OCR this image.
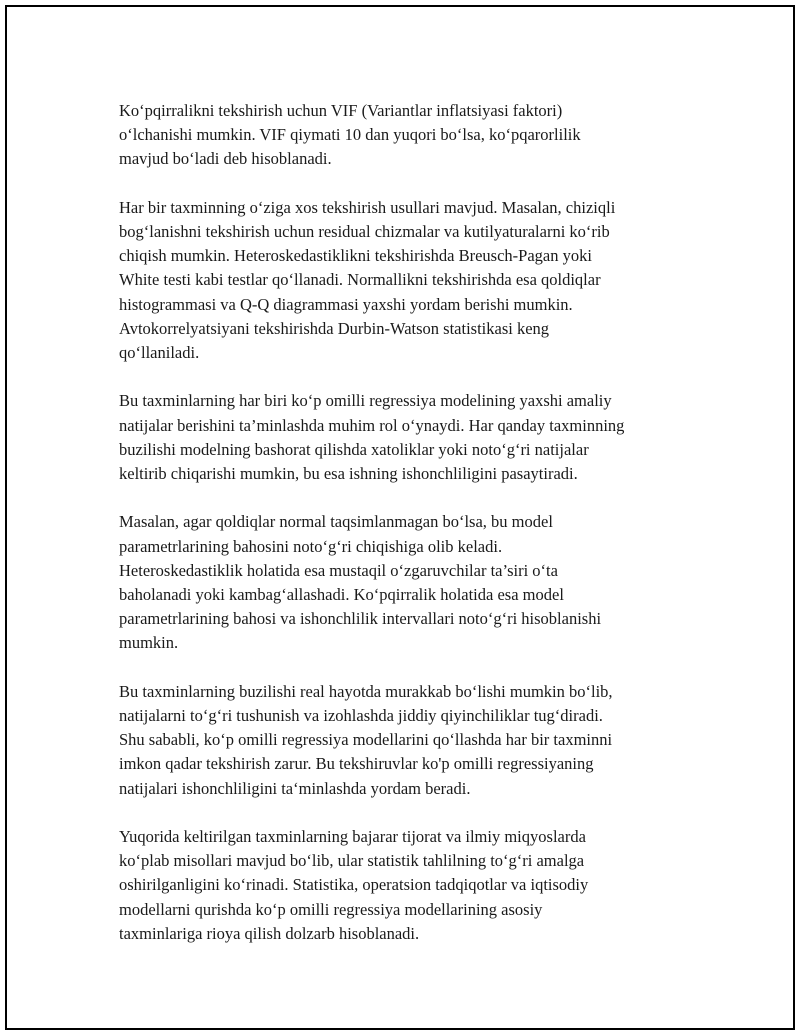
Ko‘pqirralikni tekshirish uchun VIF (Variantlar inflatsiyasi faktori)
o‘lchanishi mumkin. VIF qiymati 10 dan yuqori bo‘lsa, ko‘pqarorlilik
mavjud bo‘ladi deb hisoblanadi.

Har bir taxminning o‘ziga xos tekshirish usullari mavjud. Masalan, chiziqli
bog‘lanishni tekshirish uchun residual chizmalar va kutilyaturalarni ko‘rib
chiqish mumkin. Heteroskedastiklikni tekshirishda Breusch-Pagan yoki
White testi kabi testlar qo‘llanadi. Normallikni tekshirishda esa qoldiqlar
histogrammasi va Q-Q diagrammasi yaxshi yordam berishi mumkin.
Avtokorrelyatsiyani tekshirishda Durbin-Watson statistikasi keng
qo‘llaniladi.

Bu taxminlarning har biri ko‘p omilli regressiya modelining yaxshi amaliy
natijalar berishini ta’minlashda muhim rol o‘ynaydi. Har qanday taxminning
buzilishi modelning bashorat qilishda xatoliklar yoki noto‘g‘ri natijalar
keltirib chiqarishi mumkin, bu esa ishning ishonchliligini pasaytiradi.

Masalan, agar qoldiqlar normal taqsimlanmagan bo‘lsa, bu model
parametrlarining bahosini noto‘g‘ri chiqishiga olib keladi.
Heteroskedastiklik holatida esa mustaqil o‘zgaruvchilar ta’siri o‘ta
baholanadi yoki kambag‘allashadi. Ko‘pqirralik holatida esa model
parametrlarining bahosi va ishonchlilik intervallari noto‘g‘ri hisoblanishi
mumkin.

Bu taxminlarning buzilishi real hayotda murakkab bo‘lishi mumkin bo‘lib,
natijalarni to‘g‘ri tushunish va izohlashda jiddiy qiyinchiliklar tug‘diradi.
Shu sababli, ko‘p omilli regressiya modellarini qo‘llashda har bir taxminni
imkon qadar tekshirish zarur. Bu tekshiruvlar ko'p omilli regressiyaning
natijalari ishonchliligini ta‘minlashda yordam beradi.

Yuqorida keltirilgan taxminlarning bajarar tijorat va ilmiy miqyoslarda
ko‘plab misollari mavjud bo‘lib, ular statistik tahlilning to‘g‘ri amalga
oshirilganligini ko‘rinadi. Statistika, operatsion tadqiqotlar va iqtisodiy
modellarni qurishda ko‘p omilli regressiya modellarining asosiy
taxminlariga rioya qilish dolzarb hisoblanadi.
